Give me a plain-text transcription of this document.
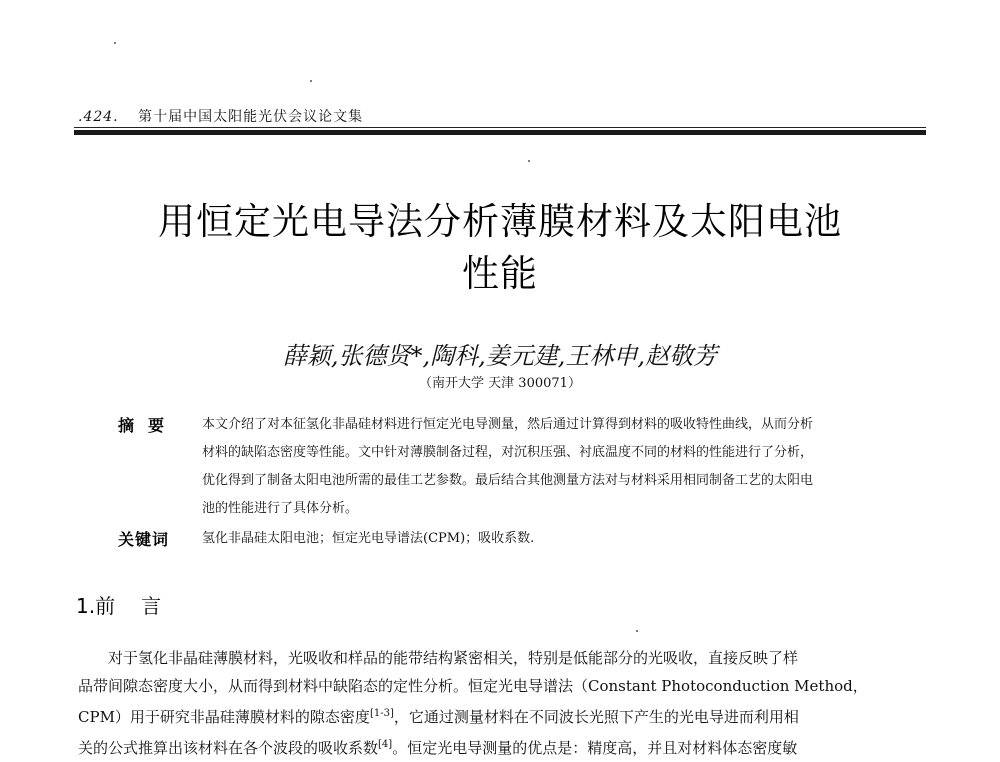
.424. 第十届中国太阳能光伏会议论文集
用恒定光电导法分析薄膜材料及太阳电池
性能
薛颖,张德贤*,陶科,姜元建,王林申,赵敬芳
（南开大学 天津 300071）
摘要 本文介绍了对本征氢化非晶硅材料进行恒定光电导测量，然后通过计算得到材料的吸收特性曲线，从而分析
材料的缺陷态密度等性能。文中针对薄膜制备过程，对沉积压强、衬底温度不同的材料的性能进行了分析，
优化得到了制备太阳电池所需的最佳工艺参数。最后结合其他测量方法对与材料采用相同制备工艺的太阳电
池的性能进行了具体分析。
关键词	氢化非晶硅太阳电池；恒定光电导谱法(CPM)；吸收系数.
1.前 言
对于氢化非晶硅薄膜材料，光吸收和样品的能带结构紧密相关，特别是低能部分的光吸收，直接反映了样
品带间隙态密度大小，从而得到材料中缺陷态的定性分析。恒定光电导谱法（Constant Photoconduction Method，
CPM）用于研究非晶硅薄膜材料的隙态密度[1-3]，它通过测量材料在不同波长光照下产生的光电导进而利用相
关的公式推算出该材料在各个波段的吸收系数[4]。恒定光电导测量的优点是：精度高，并且对材料体态密度敏
